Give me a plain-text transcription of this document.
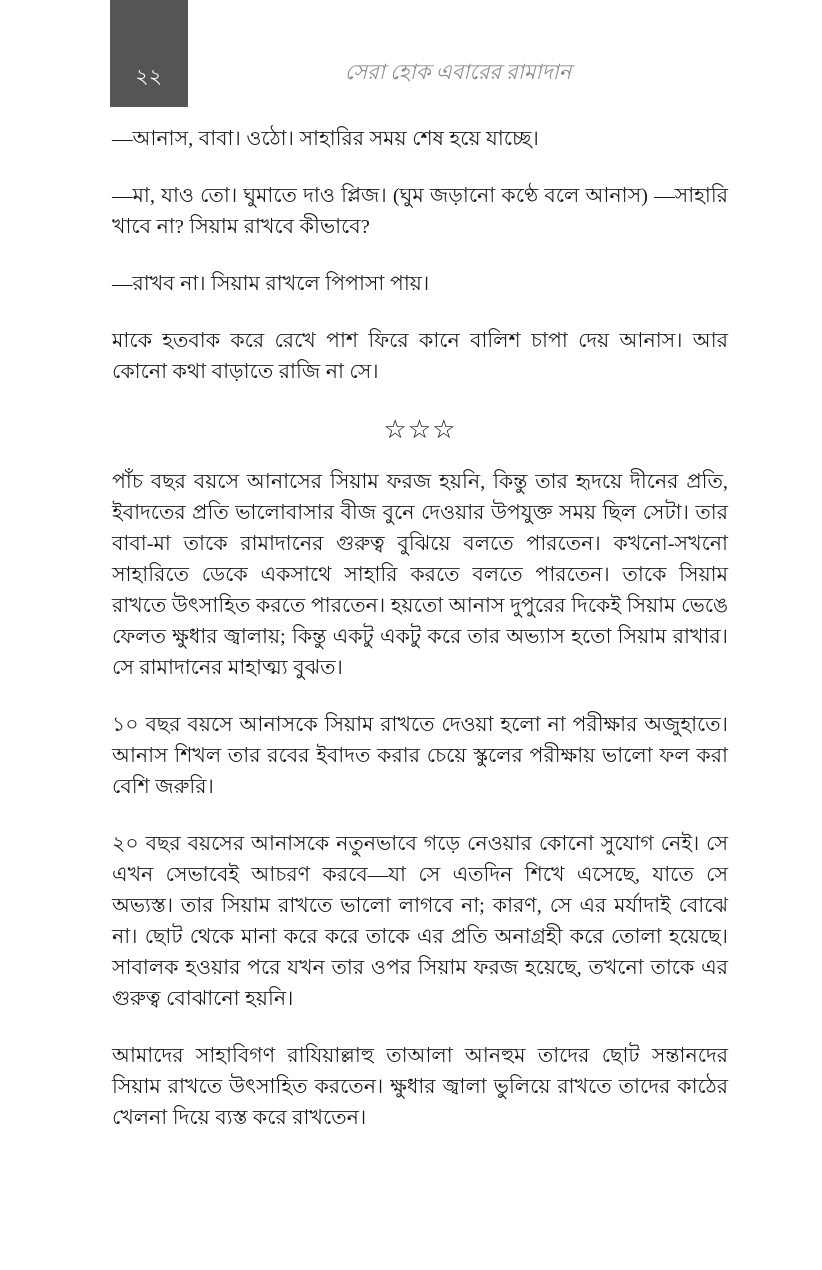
২২	সেরা হোক এবারের রামাদান

—আনাস, বাবা। ওঠো। সাহারির সময় শেষ হয়ে যাচ্ছে।

—মা, যাও তো। ঘুমাতে দাও প্লিজ। (ঘুম জড়ানো কণ্ঠে বলে আনাস) —সাহারি খাবে না? সিয়াম রাখবে কীভাবে?

—রাখব না। সিয়াম রাখলে পিপাসা পায়।

মাকে হতবাক করে রেখে পাশ ফিরে কানে বালিশ চাপা দেয় আনাস। আর কোনো কথা বাড়াতে রাজি না সে।

☆☆☆

পাঁচ বছর বয়সে আনাসের সিয়াম ফরজ হয়নি, কিন্তু তার হৃদয়ে দীনের প্রতি, ইবাদতের প্রতি ভালোবাসার বীজ বুনে দেওয়ার উপযুক্ত সময় ছিল সেটা। তার বাবা-মা তাকে রামাদানের গুরুত্ব বুঝিয়ে বলতে পারতেন। কখনো-সখনো সাহারিতে ডেকে একসাথে সাহারি করতে বলতে পারতেন। তাকে সিয়াম রাখতে উৎসাহিত করতে পারতেন। হয়তো আনাস দুপুরের দিকেই সিয়াম ভেঙে ফেলত ক্ষুধার জ্বালায়; কিন্তু একটু একটু করে তার অভ্যাস হতো সিয়াম রাখার। সে রামাদানের মাহাত্ম্য বুঝত।

১০ বছর বয়সে আনাসকে সিয়াম রাখতে দেওয়া হলো না পরীক্ষার অজুহাতে। আনাস শিখল তার রবের ইবাদত করার চেয়ে স্কুলের পরীক্ষায় ভালো ফল করা বেশি জরুরি।

২০ বছর বয়সের আনাসকে নতুনভাবে গড়ে নেওয়ার কোনো সুযোগ নেই। সে এখন সেভাবেই আচরণ করবে—যা সে এতদিন শিখে এসেছে, যাতে সে অভ্যস্ত। তার সিয়াম রাখতে ভালো লাগবে না; কারণ, সে এর মর্যাদাই বোঝে না। ছোট থেকে মানা করে করে তাকে এর প্রতি অনাগ্রহী করে তোলা হয়েছে। সাবালক হওয়ার পরে যখন তার ওপর সিয়াম ফরজ হয়েছে, তখনো তাকে এর গুরুত্ব বোঝানো হয়নি।

আমাদের সাহাবিগণ রাযিয়াল্লাহু তাআলা আনহুম তাদের ছোট সন্তানদের সিয়াম রাখতে উৎসাহিত করতেন। ক্ষুধার জ্বালা ভুলিয়ে রাখতে তাদের কাঠের খেলনা দিয়ে ব্যস্ত করে রাখতেন।
